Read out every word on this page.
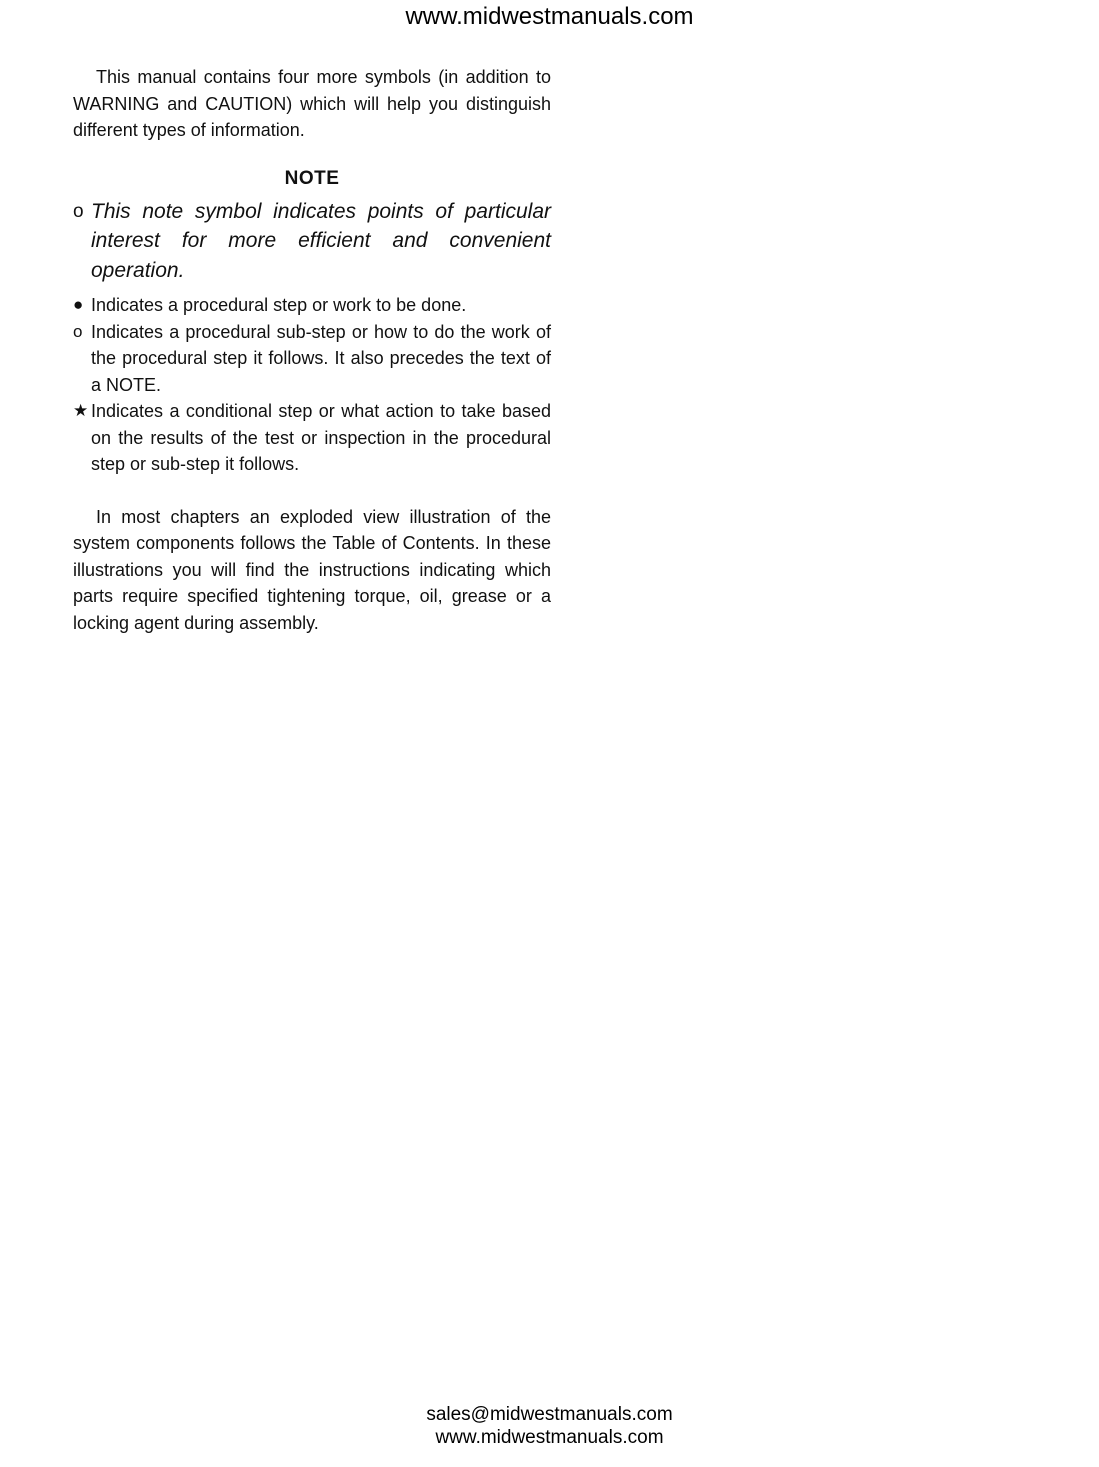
www.midwestmanuals.com

This manual contains four more symbols (in addition to WARNING and CAUTION) which will help you distinguish different types of information.

NOTE
o This note symbol indicates points of particular interest for more efficient and convenient operation.
● Indicates a procedural step or work to be done.
o Indicates a procedural sub-step or how to do the work of the procedural step it follows. It also precedes the text of a NOTE.
★ Indicates a conditional step or what action to take based on the results of the test or inspection in the procedural step or sub-step it follows.

In most chapters an exploded view illustration of the system components follows the Table of Contents. In these illustrations you will find the instructions indicating which parts require specified tightening torque, oil, grease or a locking agent during assembly.

sales@midwestmanuals.com
www.midwestmanuals.com
